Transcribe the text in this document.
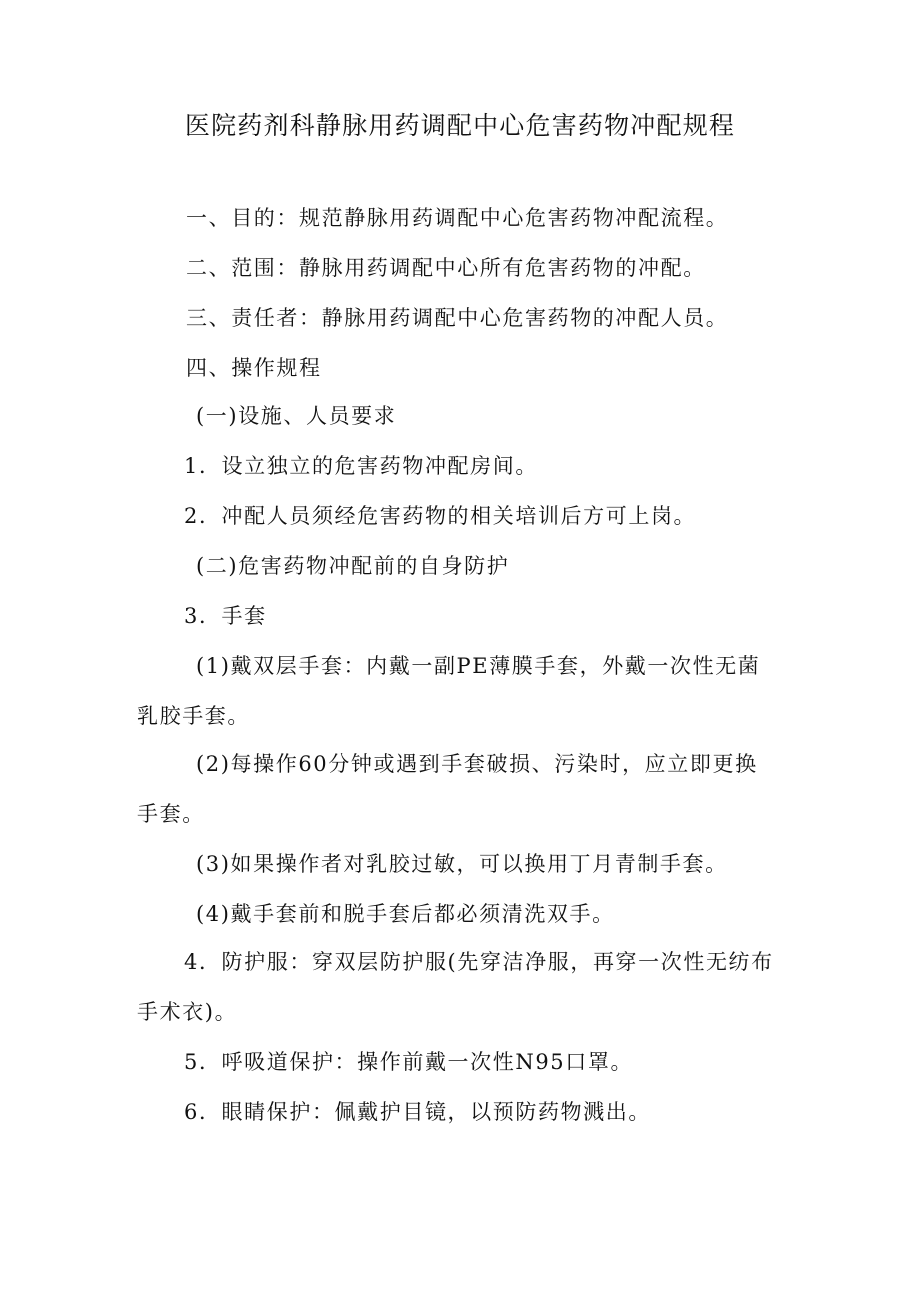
医院药剂科静脉用药调配中心危害药物冲配规程
一、目的：规范静脉用药调配中心危害药物冲配流程。
二、范围：静脉用药调配中心所有危害药物的冲配。
三、责任者：静脉用药调配中心危害药物的冲配人员。
四、操作规程
(一)设施、人员要求
1．设立独立的危害药物冲配房间。
2．冲配人员须经危害药物的相关培训后方可上岗。
(二)危害药物冲配前的自身防护
3．手套
(1)戴双层手套：内戴一副PE薄膜手套，外戴一次性无菌
乳胶手套。
(2)每操作60分钟或遇到手套破损、污染时，应立即更换
手套。
(3)如果操作者对乳胶过敏，可以换用丁月青制手套。
(4)戴手套前和脱手套后都必须清洗双手。
4．防护服：穿双层防护服(先穿洁净服，再穿一次性无纺布
手术衣)。
5．呼吸道保护：操作前戴一次性N95口罩。
6．眼睛保护：佩戴护目镜，以预防药物溅出。
